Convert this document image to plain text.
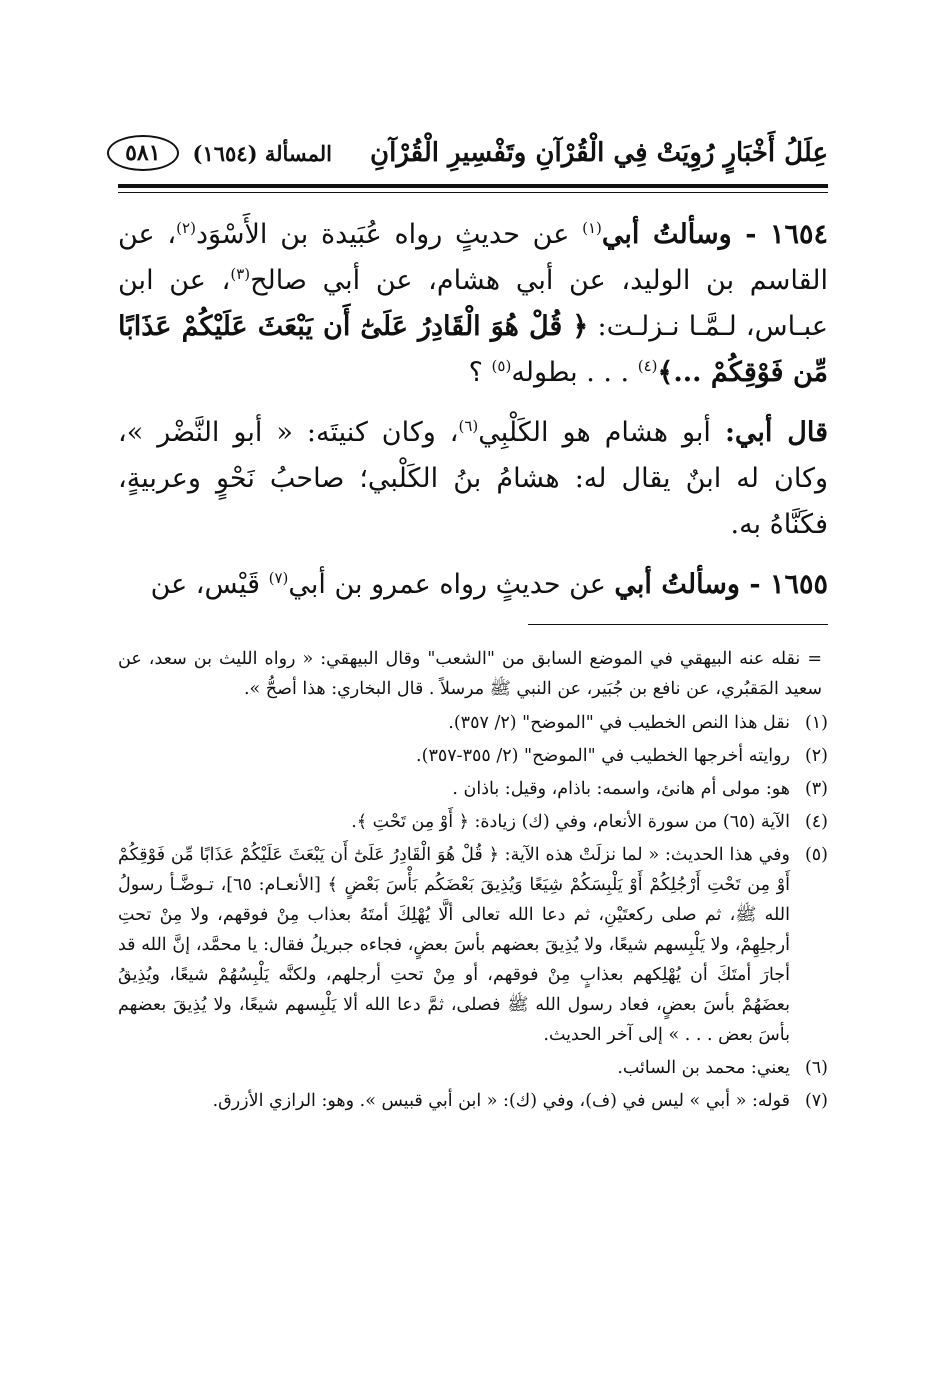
عِلَلُ أَخْبَارٍ رُوِيَتْ فِي الْقُرْآنِ وتَفْسِيرِ الْقُرْآنِ
المسألة (١٦٥٤)
٥٨١

١٦٥٤ - وسألتُ أبي$^{(١)}$ عن حديثٍ رواه عُبَيدة بن الأَسْوَد$^{(٢)}$، عن القاسم بن الوليد، عن أبي هشام، عن أبي صالح$^{(٣)}$، عن ابن عبـاس، لـمَّـا نـزلـت: ﴿ قُلْ هُوَ الْقَادِرُ عَلَىٰٓ أَن يَبْعَثَ عَلَيْكُمْ عَذَابًا مِّن فَوْقِكُمْ ...﴾$^{(٤)}$ . . . بطوله$^{(٥)}$ ؟

قال أبي: أبو هشام هو الكَلْبِي$^{(٦)}$، وكان كنيتَه: « أبو النَّضْر »، وكان له ابنٌ يقال له: هشامُ بنُ الكَلْبي؛ صاحبُ نَحْوٍ وعربيةٍ، فكَنَّاهُ به.

١٦٥٥ - وسألتُ أبي عن حديثٍ رواه عمرو بن أبي$^{(٧)}$ قَيْس، عن

= نقله عنه البيهقي في الموضع السابق من "الشعب" وقال البيهقي: « رواه الليث بن سعد، عن سعيد المَقبُري، عن نافع بن جُبَير، عن النبي ﷺ مرسلاً . قال البخاري: هذا أصحُّ ».

(١)
نقل هذا النص الخطيب في "الموضح" (٢/ ٣٥٧).
(٢)
روايته أخرجها الخطيب في "الموضح" (٢/ ٣٥٥-٣٥٧).
(٣)
هو: مولى أم هانئ، واسمه: باذام، وقيل: باذان .
(٤)
الآية (٦٥) من سورة الأنعام، وفي (ك) زيادة: ﴿ أَوْ مِن تَحْتِ ﴾.
(٥)
وفي هذا الحديث: « لما نزلَتْ هذه الآية: ﴿ قُلْ هُوَ الْقَادِرُ عَلَىٰٓ أَن يَبْعَثَ عَلَيْكُمْ عَذَابًا مِّن فَوْقِكُمْ أَوْ مِن تَحْتِ أَرْجُلِكُمْ أَوْ يَلْبِسَكُمْ شِيَعًا وَيُذِيقَ بَعْضَكُم بَأْسَ بَعْضٍ ﴾ [الأنعـام: ٦٥]، تـوضَّـأ رسولُ الله ﷺ، ثم صلى ركعتَيْنِ، ثم دعا الله تعالى ألَّا يُهْلِكَ أمتَهُ بعذاب مِنْ فوقهم، ولا مِنْ تحتِ أرجلِهِمْ، ولا يَلْبِسهم شيعًا، ولا يُذِيقَ بعضهم بأسَ بعضٍ، فجاءه جبريلُ فقال: يا محمَّد، إنَّ الله قد أجارَ أمتَكَ أن يُهْلِكهم بعذابٍ مِنْ فوقهم، أو مِنْ تحتِ أرجلهم، ولكنَّه يَلْبِسُهُمْ شيعًا، ويُذِيقُ بعضَهُمْ بأسَ بعضٍ، فعاد رسول الله ﷺ فصلى، ثمَّ دعا الله ألا يَلْبِسهم شيعًا، ولا يُذِيقَ بعضهم بأسَ بعض . . . » إلى آخر الحديث.
(٦)
يعني: محمد بن السائب.
(٧)
قوله: « أبي » ليس في (ف)، وفي (ك): « ابن أبي قبيس ». وهو: الرازي الأزرق.
